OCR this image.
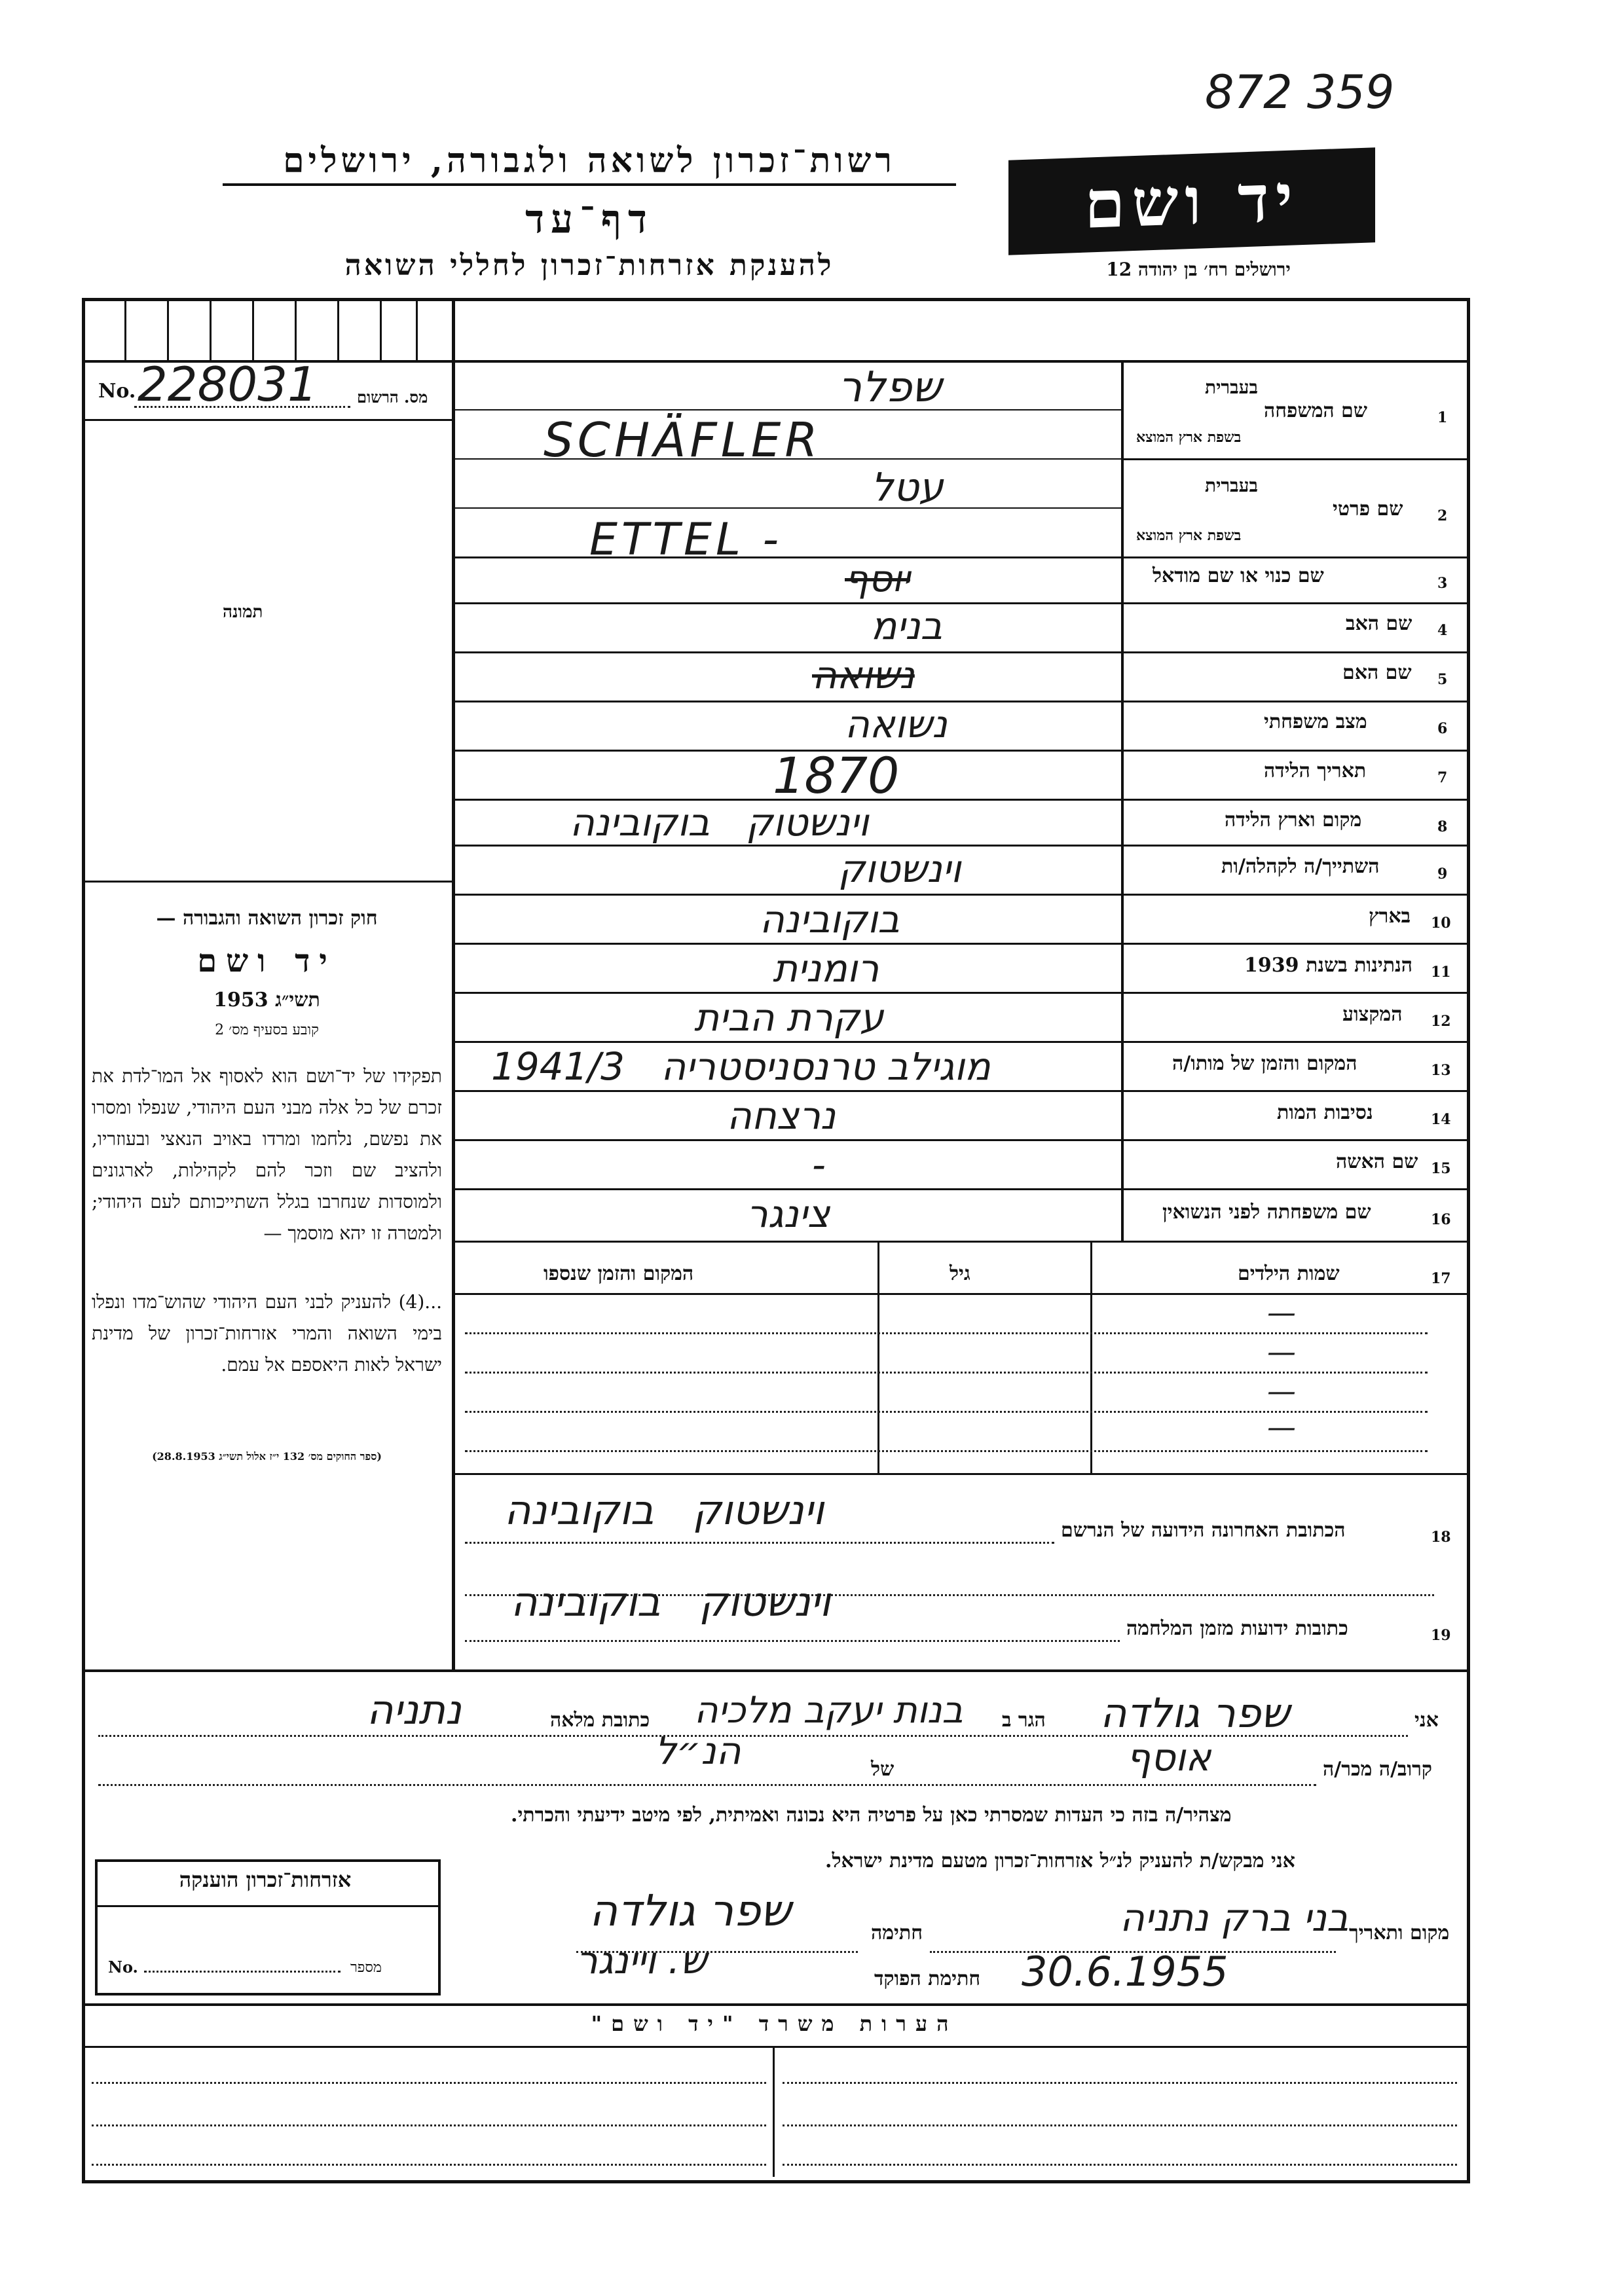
872 359
רשות־זכרון לשואה ולגבורה, ירושלים
דף־עד
להענקת אזרחות־זכרון לחללי השואה
יד ושם
ירושלים רח׳ בן יהודה 12
No. 228031	מס. הרשום
תמונה
חוק זכרון השואה והגבורה —
יד ושם
תשי״ג 1953
קובע בסעיף מס׳ 2
תפקידו של יד־ושם הוא לאסוף אל המו־לדת את זכרם של כל אלה מבני העם היהודי, שנפלו ומסרו את נפשם, נלחמו ומרדו באויב הנאצי ובעוזריו, ולהציב שם וזכר להם לקהילות, לארגונים ולמוסדות שנחרבו בגלל השתייכותם לעם היהודי; ולמטרה זו יהא מוסמך —
...(4) להעניק לבני העם היהודי שהוש־מדו ונפלו בימי השואה והמרי אזרחות־זכרון של מדינת ישראל לאות היאספם אל עמם.
(ספר החוקים מס׳ 132 י״ז אלול תשי״ג 28.8.1953)
1
שם המשפחה
בעברית
בשפת ארץ המוצא
שפלר
SCHÄFLER
2
שם פרטי
בעברית
בשפת ארץ המוצא
עטל
ETTEL -
3
שם כנוי או שם מודאל
יוסף
4
שם האב
בנימ
5
שם האם
נשואה
6
מצב משפחתי
נשואה
7
תאריך הלידה
1870
8
מקום וארץ הלידה
וינשטוק   בוקובינה
9
השתייך/ה לקהלה/ות
וינשטוק
10
בארץ
בוקובינה
11
הנתינות בשנת 1939
רומנית
12
המקצוע
עקרת הבית
13
המקום והזמן של מותו/ה
מוגילב טרנסניסטריה   1941/3
14
נסיבות המות
נרצחה
15
שם האשה
-
16
שם משפחתה לפני הנשואין
צינגר
17
שמות הילדים
גיל
המקום והזמן שנספו
—
—
—
—
18
הכתובת האחרונה הידועה של הנרשם
וינשטוק   בוקובינה
19
כתובות ידועות מזמן המלחמה
וינשטוק   בוקובינה
אני
שפר גולדה
הגר ב
בנות יעקב מלכיה
כתובת מלאה
נתניה
קרוב/ה מכר/ה
אוסף
של
הנ״ל
מצהיר/ה בזה כי העדות שמסרתי כאן על פרטיה היא נכונה ואמיתית, לפי מיטב ידיעתי והכרתי.
אני מבקש/ת להעניק לנ״ל אזרחות־זכרון מטעם מדינת ישראל.
מקום ותאריך
בני ברק נתניה
חתימה
שפר גולדה
30.6.1955
חתימת הפוקד
ש. ויינגר
אזרחות־זכרון הוענקה
No.	מספר
הערות משרד "יד ושם"
